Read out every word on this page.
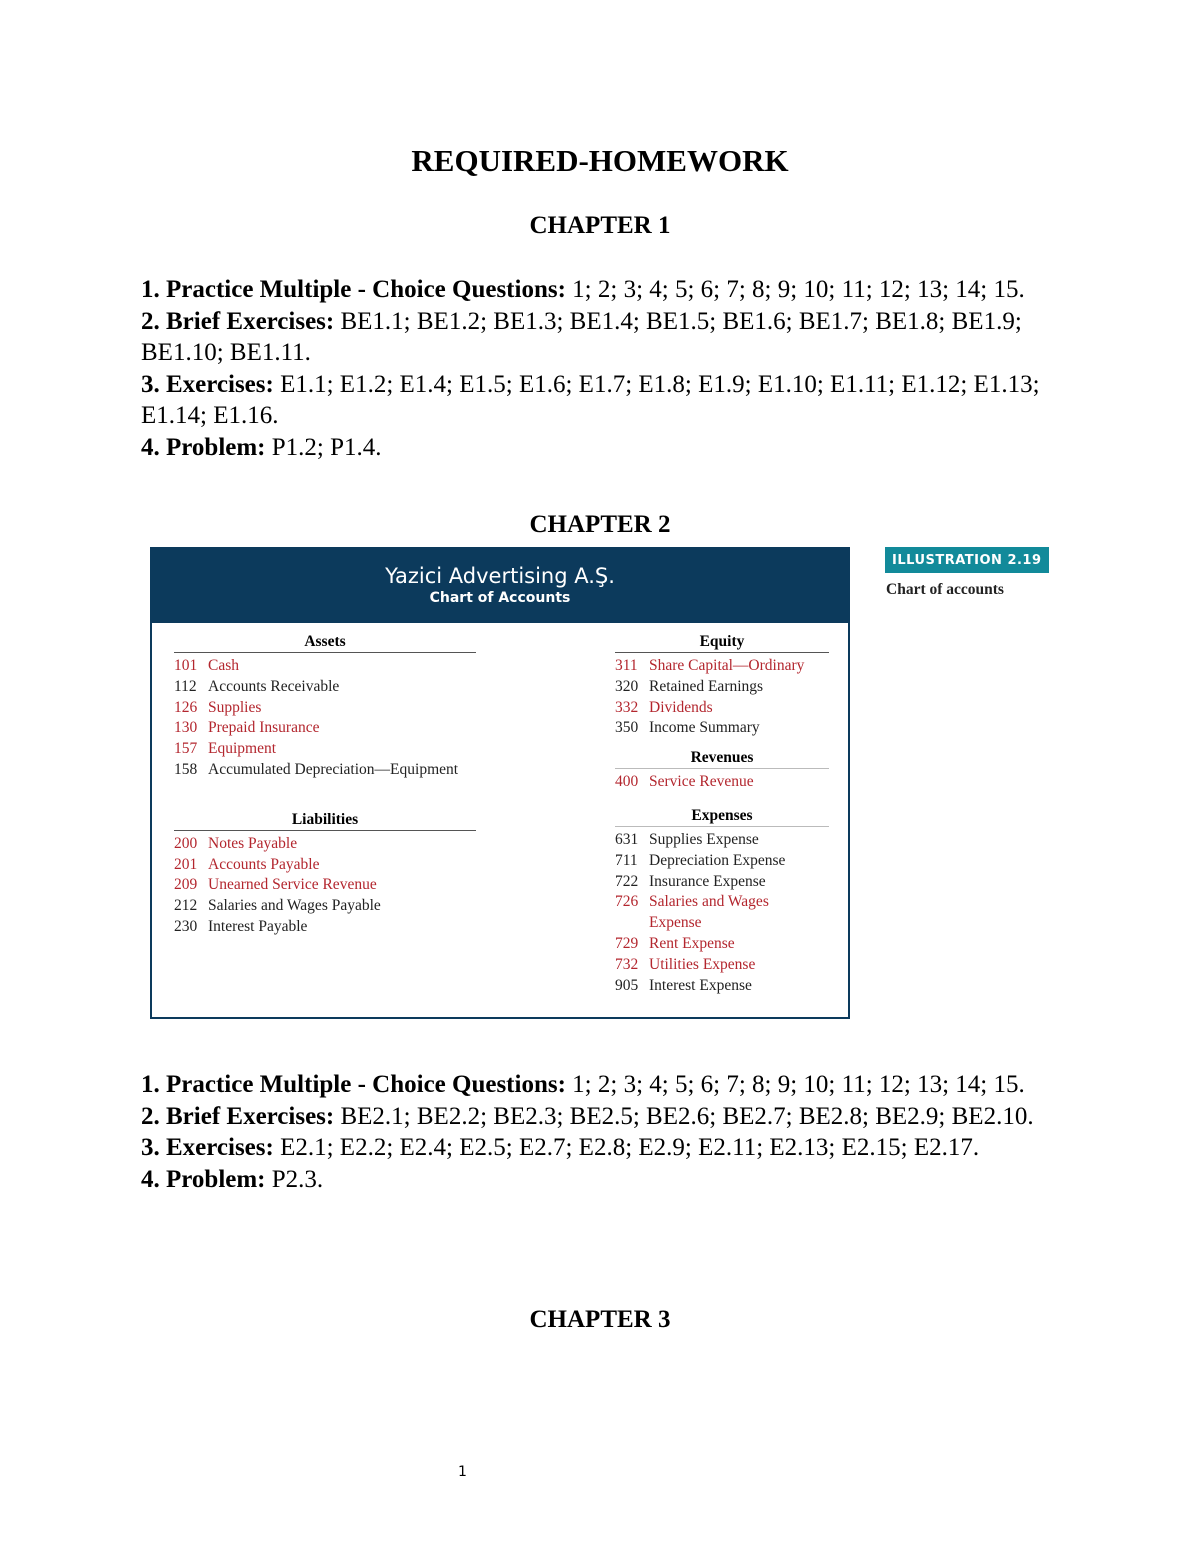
REQUIRED-HOMEWORK
CHAPTER 1
1. Practice Multiple - Choice Questions: 1; 2; 3; 4; 5; 6; 7; 8; 9; 10; 11; 12; 13; 14; 15.
2. Brief Exercises: BE1.1; BE1.2; BE1.3; BE1.4; BE1.5; BE1.6; BE1.7; BE1.8; BE1.9; BE1.10; BE1.11.
3. Exercises: E1.1; E1.2; E1.4; E1.5; E1.6; E1.7; E1.8; E1.9; E1.10; E1.11; E1.12; E1.13; E1.14; E1.16.
4. Problem: P1.2; P1.4.
CHAPTER 2
Yazici Advertising A.Ş.
Chart of Accounts
Assets
101 Cash
112 Accounts Receivable
126 Supplies
130 Prepaid Insurance
157 Equipment
158 Accumulated Depreciation—Equipment
Liabilities
200 Notes Payable
201 Accounts Payable
209 Unearned Service Revenue
212 Salaries and Wages Payable
230 Interest Payable
Equity
311 Share Capital—Ordinary
320 Retained Earnings
332 Dividends
350 Income Summary
Revenues
400 Service Revenue
Expenses
631 Supplies Expense
711 Depreciation Expense
722 Insurance Expense
726 Salaries and Wages
Expense
729 Rent Expense
732 Utilities Expense
905 Interest Expense
ILLUSTRATION 2.19
Chart of accounts
1. Practice Multiple - Choice Questions: 1; 2; 3; 4; 5; 6; 7; 8; 9; 10; 11; 12; 13; 14; 15.
2. Brief Exercises: BE2.1; BE2.2; BE2.3; BE2.5; BE2.6; BE2.7; BE2.8; BE2.9; BE2.10.
3. Exercises: E2.1; E2.2; E2.4; E2.5; E2.7; E2.8; E2.9; E2.11; E2.13; E2.15; E2.17.
4. Problem: P2.3.
CHAPTER 3
1
